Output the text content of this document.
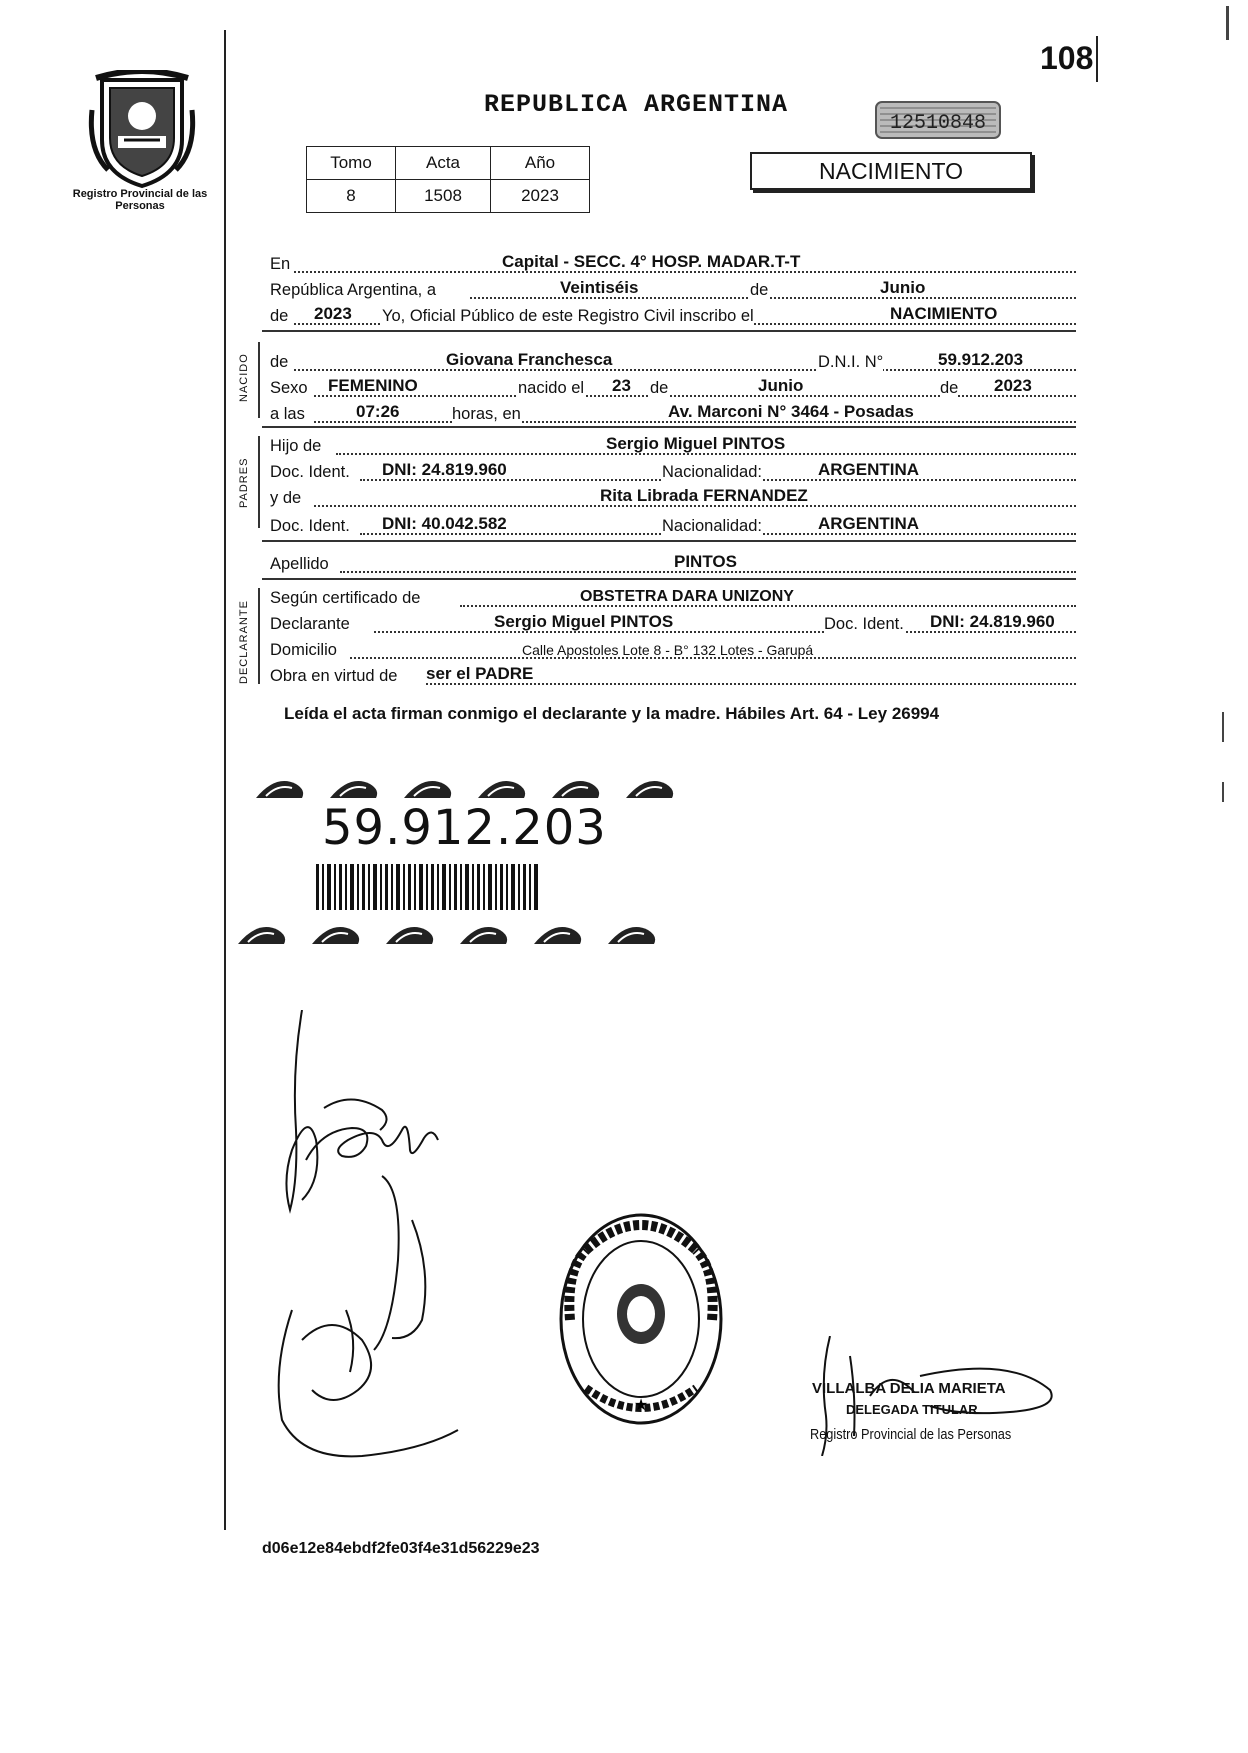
Registro Provincial de las Personas
108
REPUBLICA ARGENTINA
12510848
Tomo	Acta	Año
8	1508	2023
NACIMIENTO
En	Capital - SECC. 4° HOSP. MADAR.T-T
República Argentina, a	Veintiséis	de	Junio
de 2023 Yo, Oficial Público de este Registro Civil inscribo el	NACIMIENTO
NACIDO de	Giovana Franchesca	D.N.I. N°	59.912.203
Sexo FEMENINO	nacido el 23 de	Junio	de 2023
a las	07:26	horas, en	Av. Marconi N° 3464 - Posadas
PADRES
Hijo de	Sergio Miguel PINTOS
Doc. Ident. DNI: 24.819.960	Nacionalidad:	ARGENTINA
y de	Rita Librada FERNANDEZ
Doc. Ident. DNI: 40.042.582	Nacionalidad:	ARGENTINA
Apellido	PINTOS
DECLARANTE
Según certificado de	OBSTETRA DARA UNIZONY
Declarante	Sergio Miguel PINTOS	Doc. Ident. DNI: 24.819.960
Domicilio	Calle Apostoles Lote 8 - B° 132 Lotes - Garupá
Obra en virtud de ser el PADRE
Leída el acta firman conmigo el declarante y la madre. Hábiles Art. 64 - Ley 26994
59.912.203
★
VILLALBA DELIA MARIETA
DELEGADA TITULAR
Registro Provincial de las Personas
d06e12e84ebdf2fe03f4e31d56229e23
